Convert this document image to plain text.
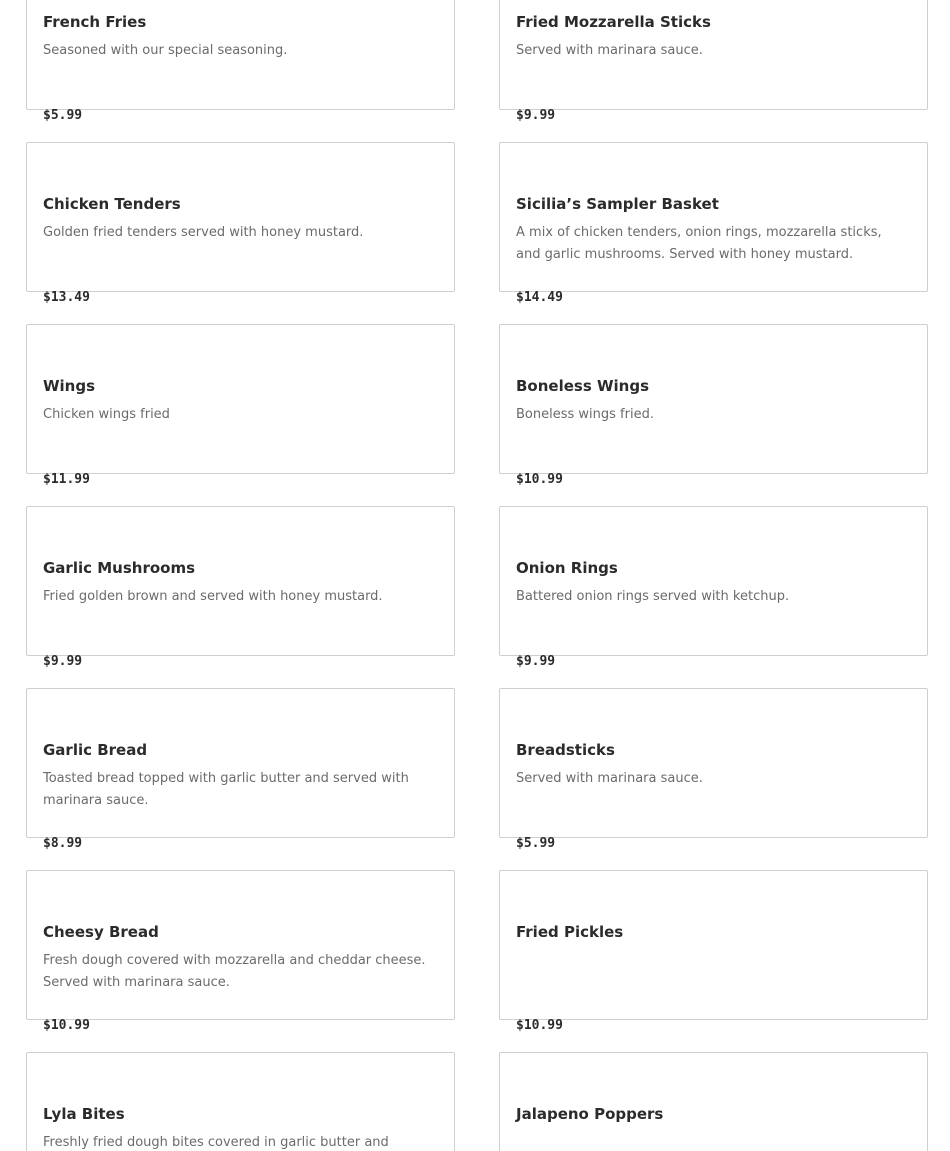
French Fries
Seasoned with our special seasoning.
$5.99
Fried Mozzarella Sticks
Served with marinara sauce.
$9.99
Chicken Tenders
Golden fried tenders served with honey mustard.
$13.49
Sicilia’s Sampler Basket
A mix of chicken tenders, onion rings, mozzarella sticks, and garlic mushrooms. Served with honey mustard.
$14.49
Wings
Chicken wings fried
$11.99
Boneless Wings
Boneless wings fried.
$10.99
Garlic Mushrooms
Fried golden brown and served with honey mustard.
$9.99
Onion Rings
Battered onion rings served with ketchup.
$9.99
Garlic Bread
Toasted bread topped with garlic butter and served with marinara sauce.
$8.99
Breadsticks
Served with marinara sauce.
$5.99
Cheesy Bread
Fresh dough covered with mozzarella and cheddar cheese. Served with marinara sauce.
$10.99
Fried Pickles
$10.99
Lyla Bites
Freshly fried dough bites covered in garlic butter and
Jalapeno Poppers
